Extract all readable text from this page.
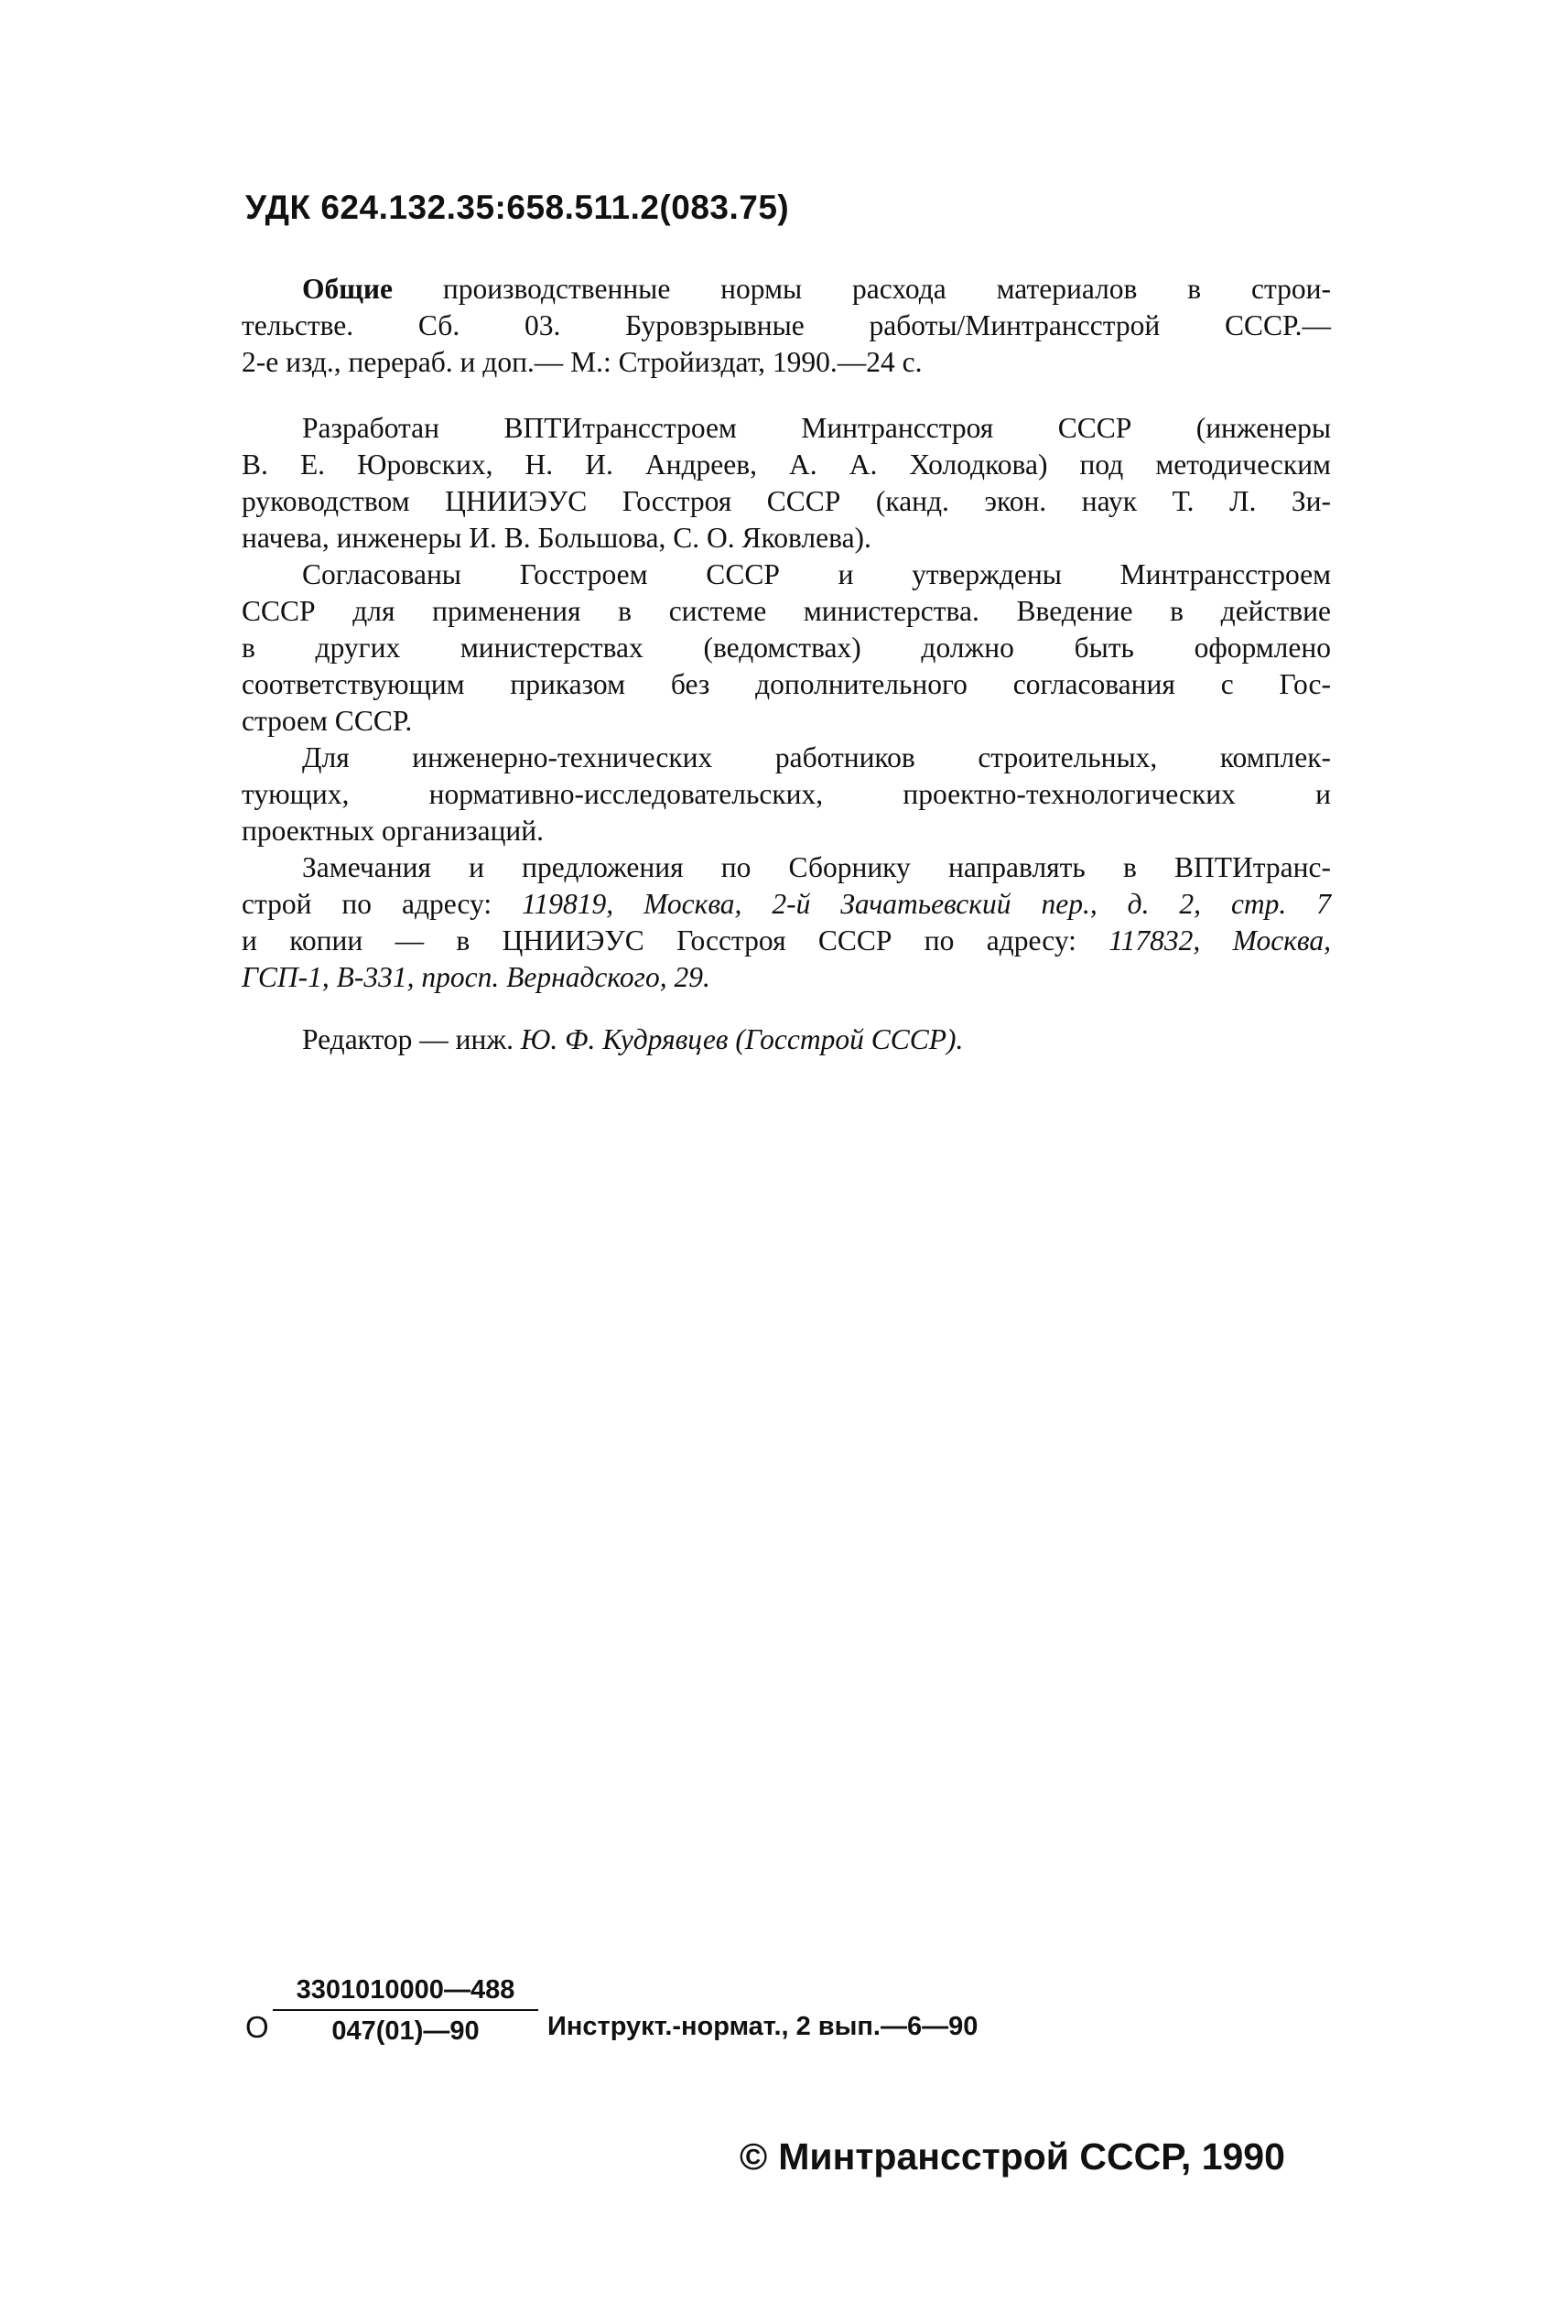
УДК 624.132.35:658.511.2(083.75)
Общие производственные нормы расхода материалов в строи-
тельстве. Сб. 03. Буровзрывные работы/Минтрансстрой СССР.—
2-е изд., перераб. и доп.— М.: Стройиздат, 1990.—24 с.

Разработан ВПТИтрансстроем Минтрансстроя СССР (инженеры
В. Е. Юровских, Н. И. Андреев, А. А. Холодкова) под методическим
руководством ЦНИИЭУС Госстроя СССР (канд. экон. наук Т. Л. Зи-
начева, инженеры И. В. Большова, С. О. Яковлева).

Согласованы Госстроем СССР и утверждены Минтрансстроем
СССР для применения в системе министерства. Введение в действие
в других министерствах (ведомствах) должно быть оформлено
соответствующим приказом без дополнительного согласования с Гос-
строем СССР.

Для инженерно-технических работников строительных, комплек-
тующих, нормативно-исследовательских, проектно-технологических и
проектных организаций.

Замечания и предложения по Сборнику направлять в ВПТИтранс-
строй по адресу: 119819, Москва, 2-й Зачатьевский пер., д. 2, стр. 7
и копии — в ЦНИИЭУС Госстроя СССР по адресу: 117832, Москва,
ГСП-1, В-331, просп. Вернадского, 29.

Редактор — инж. Ю. Ф. Кудрявцев (Госстрой СССР).
О $\frac{3301010000—488}{047(01)—90}$ Инструкт.-нормат., 2 вып.—6—90
© Минтрансстрой СССР, 1990
